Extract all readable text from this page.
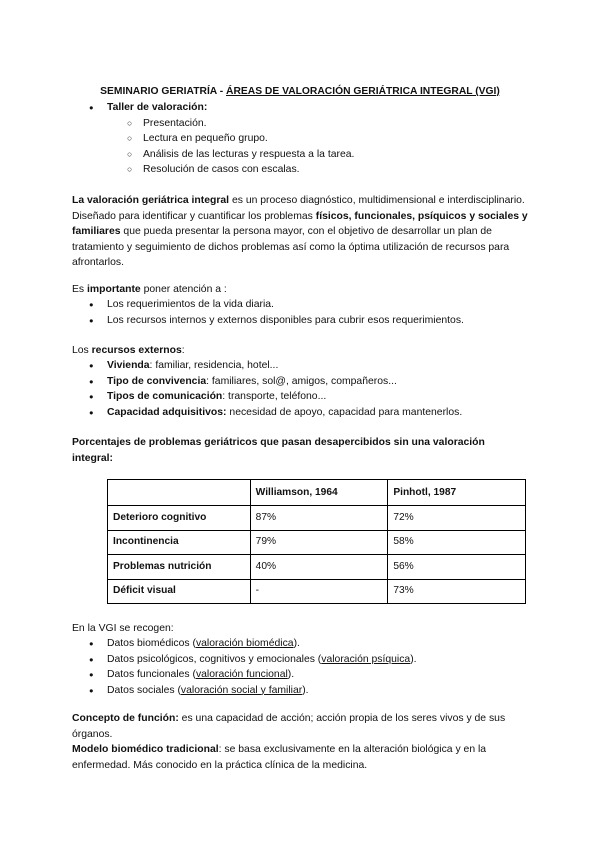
SEMINARIO GERIATRÍA - ÁREAS DE VALORACIÓN GERIÁTRICA INTEGRAL (VGI)
● Taller de valoración:
○ Presentación.
○ Lectura en pequeño grupo.
○ Análisis de las lecturas y respuesta a la tarea.
○ Resolución de casos con escalas.
La valoración geriátrica integral es un proceso diagnóstico, multidimensional e interdisciplinario. Diseñado para identificar y cuantificar los problemas físicos, funcionales, psíquicos y sociales y familiares que pueda presentar la persona mayor, con el objetivo de desarrollar un plan de tratamiento y seguimiento de dichos problemas así como la óptima utilización de recursos para afrontarlos.
Es importante poner atención a :
● Los requerimientos de la vida diaria.
● Los recursos internos y externos disponibles para cubrir esos requerimientos.
Los recursos externos:
● Vivienda: familiar, residencia, hotel...
● Tipo de convivencia: familiares, sol@, amigos, compañeros...
● Tipos de comunicación: transporte, teléfono...
● Capacidad adquisitivos: necesidad de apoyo, capacidad para mantenerlos.
Porcentajes de problemas geriátricos que pasan desapercibidos sin una valoración integral:
	Williamson, 1964	Pinhotl, 1987
Deterioro cognitivo	87%	72%
Incontinencia	79%	58%
Problemas nutrición	40%	56%
Déficit visual	-	73%
En la VGI se recogen:
● Datos biomédicos (valoración biomédica).
● Datos psicológicos, cognitivos y emocionales (valoración psíquica).
● Datos funcionales (valoración funcional).
● Datos sociales (valoración social y familiar).
Concepto de función: es una capacidad de acción; acción propia de los seres vivos y de sus órganos.
Modelo biomédico tradicional: se basa exclusivamente en la alteración biológica y en la enfermedad. Más conocido en la práctica clínica de la medicina.
